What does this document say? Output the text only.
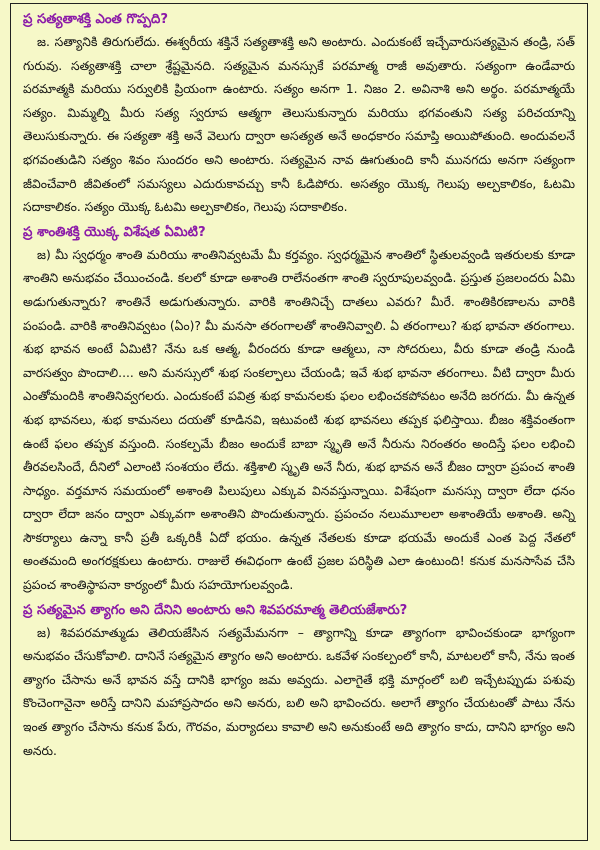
ప్ర సత్యతాశక్తి ఎంత గొప్పది?

జ. సత్యానికి తిరుగులేదు. ఈశ్వరీయ శక్తినే సత్యతాశక్తి అని అంటారు. ఎందుకంటే ఇచ్చేవారుసత్యమైన తండ్రి, సత్ గురువు. సత్యతాశక్తి చాలా శ్రేష్టమైనది. సత్యమైన మనస్సుకే పరమాత్మ రాజీ అవుతారు. సత్యంగా ఉండేవారు పరమాత్మకి మరియు సర్వులికి ప్రియంగా ఉంటారు. సత్యం అనగా 1. నిజం 2. అవినాశి అని అర్థం. పరమాత్మయే సత్యం. మిమ్మల్ని మీరు సత్య స్వరూప ఆత్మగా తెలుసుకున్నారు మరియు భగవంతుని సత్య పరిచయాన్ని తెలుసుకున్నారు. ఈ సత్యతా శక్తి అనే వెలుగు ద్వారా అసత్యత అనే అంధకారం సమాప్తి అయిపోతుంది. అందువలనే భగవంతుడిని సత్యం శివం సుందరం అని అంటారు. సత్యమైన నావ ఊగుతుంది కానీ మునగదు అనగా సత్యంగా జీవించేవారి జీవితంలో సమస్యలు ఎదురుకావచ్చు కానీ ఓడిపోరు. అసత్యం యొక్క గెలుపు అల్పకాలికం, ఓటమి సదాకాలికం. సత్యం యొక్క ఓటమి అల్పకాలికం, గెలుపు సదాకాలికం.

ప్ర శాంతిశక్తి యొక్క విశేషత ఏమిటి?

జ) మీ స్వధర్మం శాంతి మరియు శాంతినివ్వటమే మీ కర్తవ్యం. స్వధర్మమైన శాంతిలో స్థితులవ్వండి ఇతరులకు కూడా శాంతిని అనుభవం చేయించండి. కలలో కూడా అశాంతి రాలేనంతగా శాంతి స్వరూపులవ్వండి. ప్రస్తుత ప్రజలందరు ఏమి అడుగుతున్నారు? శాంతినే అడుగుతున్నారు. వారికి శాంతినిచ్చే దాతలు ఎవరు? మీరే. శాంతికిరణాలను వారికి పంపండి. వారికి శాంతినివ్వటం (ఏం)? మీ మనసా తరంగాలతో శాంతినివ్వాలి. ఏ తరంగాలు? శుభ భావనా తరంగాలు. శుభ భావన అంటే ఏమిటి? నేను ఒక ఆత్మ, వీరందరు కూడా ఆత్మలు, నా సోదరులు, వీరు కూడా తండ్రి నుండి వారసత్వం పొందాలి.... అని మనస్సులో శుభ సంకల్పాలు చేయండి; ఇవే శుభ భావనా తరంగాలు. వీటి ద్వారా మీరు ఎంతోమందికి శాంతినివ్వగలరు. ఎందుకంటే పవిత్ర శుభ కామనలకు ఫలం లభించకపోవటం అనేది జరగదు. మీ ఉన్నత శుభ భావనలు, శుభ కామనలు దయతో కూడినవి, ఇటువంటి శుభ భావనలు తప్పక ఫలిస్తాయి. బీజం శక్తివంతంగా ఉంటే ఫలం తప్పక వస్తుంది. సంకల్పమే బీజం అందుకే బాబా స్మృతి అనే నీరును నిరంతరం అందిస్తే ఫలం లభించి తీరవలసిందే, దీనిలో ఎలాంటి సంశయం లేదు. శక్తిశాలి స్మృతి అనే నీరు, శుభ భావన అనే బీజం ద్వారా ప్రపంచ శాంతి సాధ్యం. వర్తమాన సమయంలో అశాంతి పిలుపులు ఎక్కువ వినవస్తున్నాయి. విశేషంగా మనస్సు ద్వారా లేదా ధనం ద్వారా లేదా జనం ద్వారా ఎక్కువగా అశాంతిని పొందుతున్నారు. ప్రపంచం నలుమూలలా అశాంతియే అశాంతి. అన్ని సౌకర్యాలు ఉన్నా కానీ ప్రతీ ఒక్కరికీ ఏదో భయం. ఉన్నత నేతలకు కూడా భయమే అందుకే ఎంత పెద్ద నేతలో అంతమంది అంగరక్షకులు ఉంటారు. రాజులే ఈవిధంగా ఉంటే ప్రజల పరిస్థితి ఎలా ఉంటుంది! కనుక మనసాసేవ చేసి ప్రపంచ శాంతిస్థాపనా కార్యంలో మీరు సహయోగులవ్వండి.

ప్ర సత్యమైన త్యాగం అని దేనిని అంటారు అని శివపరమాత్మ తెలియజేశారు?

జ) శివపరమాత్ముడు తెలియజేసిన సత్యమేమనగా – త్యాగాన్ని కూడా త్యాగంగా భావించకుండా భాగ్యంగా అనుభవం చేసుకోవాలి. దానినే సత్యమైన త్యాగం అని అంటారు. ఒకవేళ సంకల్పంలో కానీ, మాటలలో కానీ, నేను ఇంత త్యాగం చేసాను అనే భావన వస్తే దానికి భాగ్యం జమ అవ్వదు. ఎలాగైతే భక్తి మార్గంలో బలి ఇచ్చేటప్పుడు పశువు కొంచెంగానైనా అరిస్తే దానిని మహాప్రసాదం అని అనరు, బలి అని భావించరు. అలాగే త్యాగం చేయటంతో పాటు నేను ఇంత త్యాగం చేసాను కనుక పేరు, గౌరవం, మర్యాదలు కావాలి అని అనుకుంటే అది త్యాగం కాదు, దానిని భాగ్యం అని అనరు.
